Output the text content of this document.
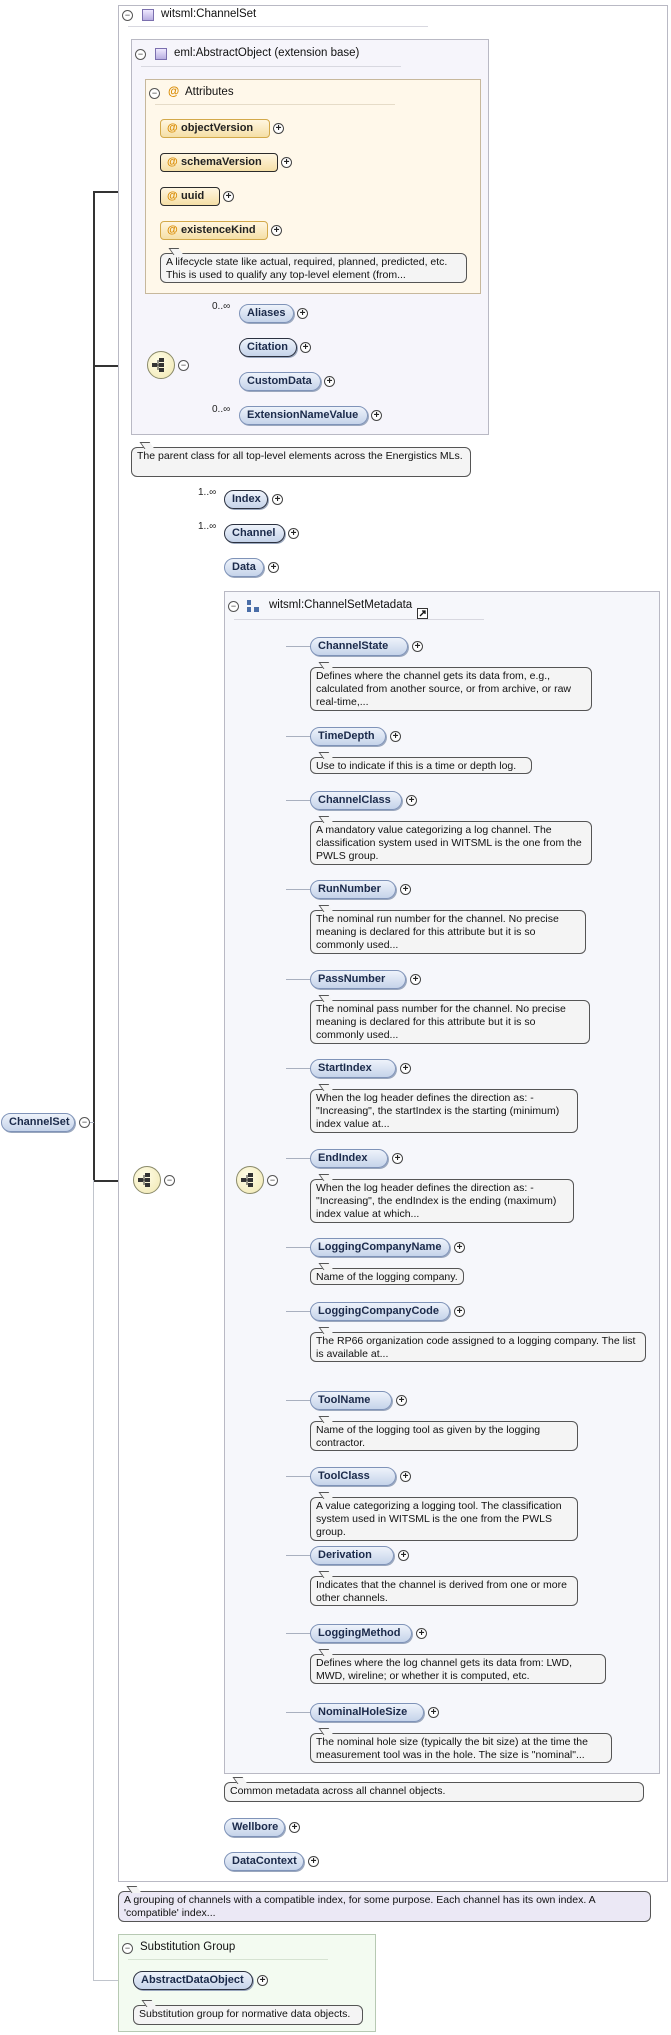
ChannelSet	−
−	witsml:ChannelSet
−	eml:AbstractObject (extension base)
− @ Attributes
@ objectVersion	+
@ schemaVersion	+
@ uuid	+
@ existenceKind	+
A lifecycle state like actual, required, planned, predicted, etc. This is used to qualify any top-level element (from...
−
0..∞
Aliases	+
Citation	+
CustomData	+
0..∞	ExtensionNameValue	+
The parent class for all top-level elements across the Energistics MLs.
1..∞
Index	+
1..∞
Channel	+
Data	+
−
−	witsml:ChannelSetMetadata
−
ChannelState	+
Defines where the channel gets its data from, e.g., calculated from another source, or from archive, or raw real-time,...
TimeDepth	+
Use to indicate if this is a time or depth log.
ChannelClass	+
A mandatory value categorizing a log channel. The classification system used in WITSML is the one from the PWLS group.
RunNumber	+
The nominal run number for the channel. No precise meaning is declared for this attribute but it is so commonly used...
PassNumber	+
The nominal pass number for the channel. No precise meaning is declared for this attribute but it is so commonly used...
StartIndex	+
When the log header defines the direction as: - "Increasing", the startIndex is the starting (minimum) index value at...
EndIndex	+
When the log header defines the direction as: - "Increasing", the endIndex is the ending (maximum) index value at which...
LoggingCompanyName	+
Name of the logging company.
LoggingCompanyCode	+
The RP66 organization code assigned to a logging company. The list is available at...
ToolName	+
Name of the logging tool as given by the logging contractor.
ToolClass	+
A value categorizing a logging tool. The classification system used in WITSML is the one from the PWLS group.
Derivation	+
Indicates that the channel is derived from one or more other channels.
LoggingMethod	+
Defines where the log channel gets its data from: LWD, MWD, wireline; or whether it is computed, etc.
NominalHoleSize	+
The nominal hole size (typically the bit size) at the time the measurement tool was in the hole. The size is "nominal"...
Common metadata across all channel objects.
Wellbore	+
DataContext	+
A grouping of channels with a compatible index, for some purpose. Each channel has its own index. A 'compatible' index...
− Substitution Group
AbstractDataObject	+
Substitution group for normative data objects.
